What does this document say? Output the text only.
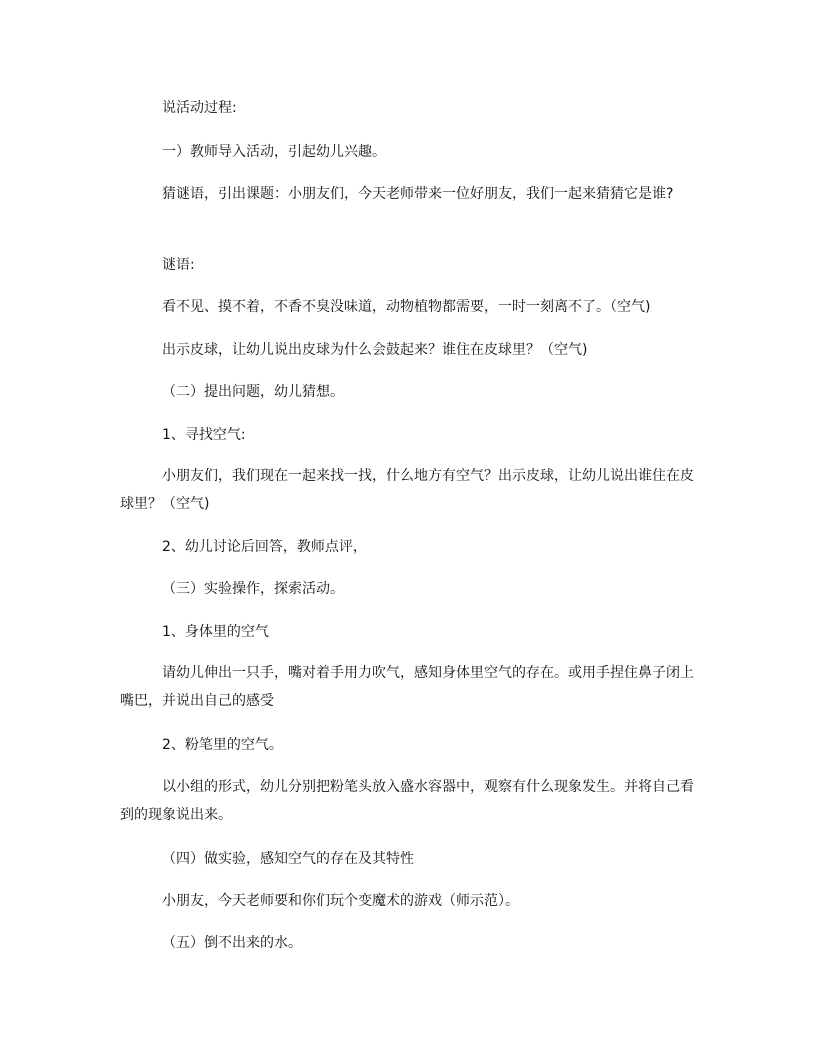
说活动过程:

一）教师导入活动，引起幼儿兴趣。

猜谜语，引出课题：小朋友们，今天老师带来一位好朋友，我们一起来猜猜它是谁?

谜语:

看不见、摸不着，不香不臭没味道，动物植物都需要，一时一刻离不了。（空气)

出示皮球，让幼儿说出皮球为什么会鼓起来？谁住在皮球里？（空气)

（二）提出问题，幼儿猜想。

1、寻找空气:

小朋友们，我们现在一起来找一找，什么地方有空气？出示皮球，让幼儿说出谁住在皮球里？（空气)

2、幼儿讨论后回答，教师点评，

（三）实验操作，探索活动。

1、身体里的空气

请幼儿伸出一只手，嘴对着手用力吹气，感知身体里空气的存在。或用手捏住鼻子闭上嘴巴，并说出自己的感受

2、粉笔里的空气。

以小组的形式，幼儿分别把粉笔头放入盛水容器中，观察有什么现象发生。并将自己看到的现象说出来。

（四）做实验，感知空气的存在及其特性

小朋友，今天老师要和你们玩个变魔术的游戏（师示范）。

（五）倒不出来的水。
